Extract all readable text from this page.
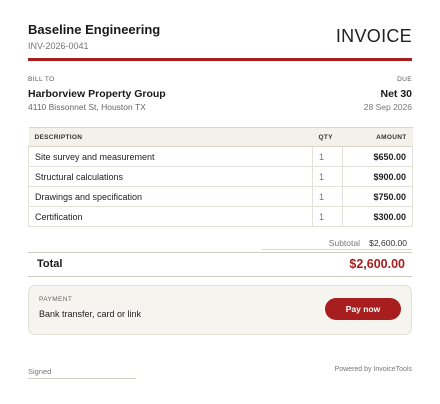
Baseline Engineering
INV-2026-0041	INVOICE
BILL TO	DUE
Harborview Property Group	Net 30
4110 Bissonnet St, Houston TX	28 Sep 2026
DESCRIPTION	QTY	AMOUNT
Site survey and measurement	1	$650.00
Structural calculations	1	$900.00
Drawings and specification	1	$750.00
Certification	1	$300.00
Subtotal $2,600.00
Total	$2,600.00
PAYMENT
Bank transfer, card or link	Pay now
Signed	Powered by InvoiceTools
